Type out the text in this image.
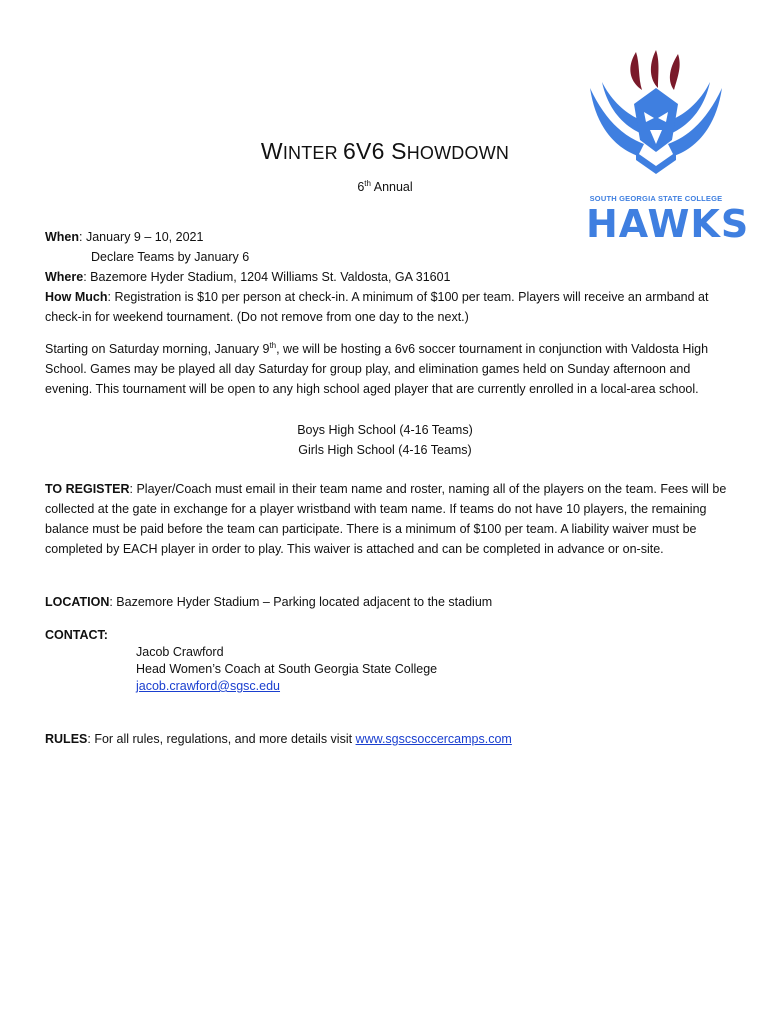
SOUTH GEORGIA STATE COLLEGE
HAWKS
WINTER 6V6 SHOWDOWN
6th Annual
When: January 9 – 10, 2021
Declare Teams by January 6
Where: Bazemore Hyder Stadium, 1204 Williams St. Valdosta, GA 31601
How Much: Registration is $10 per person at check-in. A minimum of $100 per team. Players will receive an armband at
check-in for weekend tournament. (Do not remove from one day to the next.)
Starting on Saturday morning, January 9th, we will be hosting a 6v6 soccer tournament in conjunction with Valdosta High School. Games may be played all day Saturday for group play, and elimination games held on Sunday afternoon and evening. This tournament will be open to any high school aged player that are currently enrolled in a local-area school.
Boys High School (4-16 Teams)
Girls High School (4-16 Teams)
TO REGISTER: Player/Coach must email in their team name and roster, naming all of the players on the team. Fees will be collected at the gate in exchange for a player wristband with team name. If teams do not have 10 players, the remaining balance must be paid before the team can participate. There is a minimum of $100 per team. A liability waiver must be completed by EACH player in order to play. This waiver is attached and can be completed in advance or on-site.
LOCATION: Bazemore Hyder Stadium – Parking located adjacent to the stadium
CONTACT:
Jacob Crawford
Head Women’s Coach at South Georgia State College
jacob.crawford@sgsc.edu
RULES: For all rules, regulations, and more details visit www.sgscsoccercamps.com
